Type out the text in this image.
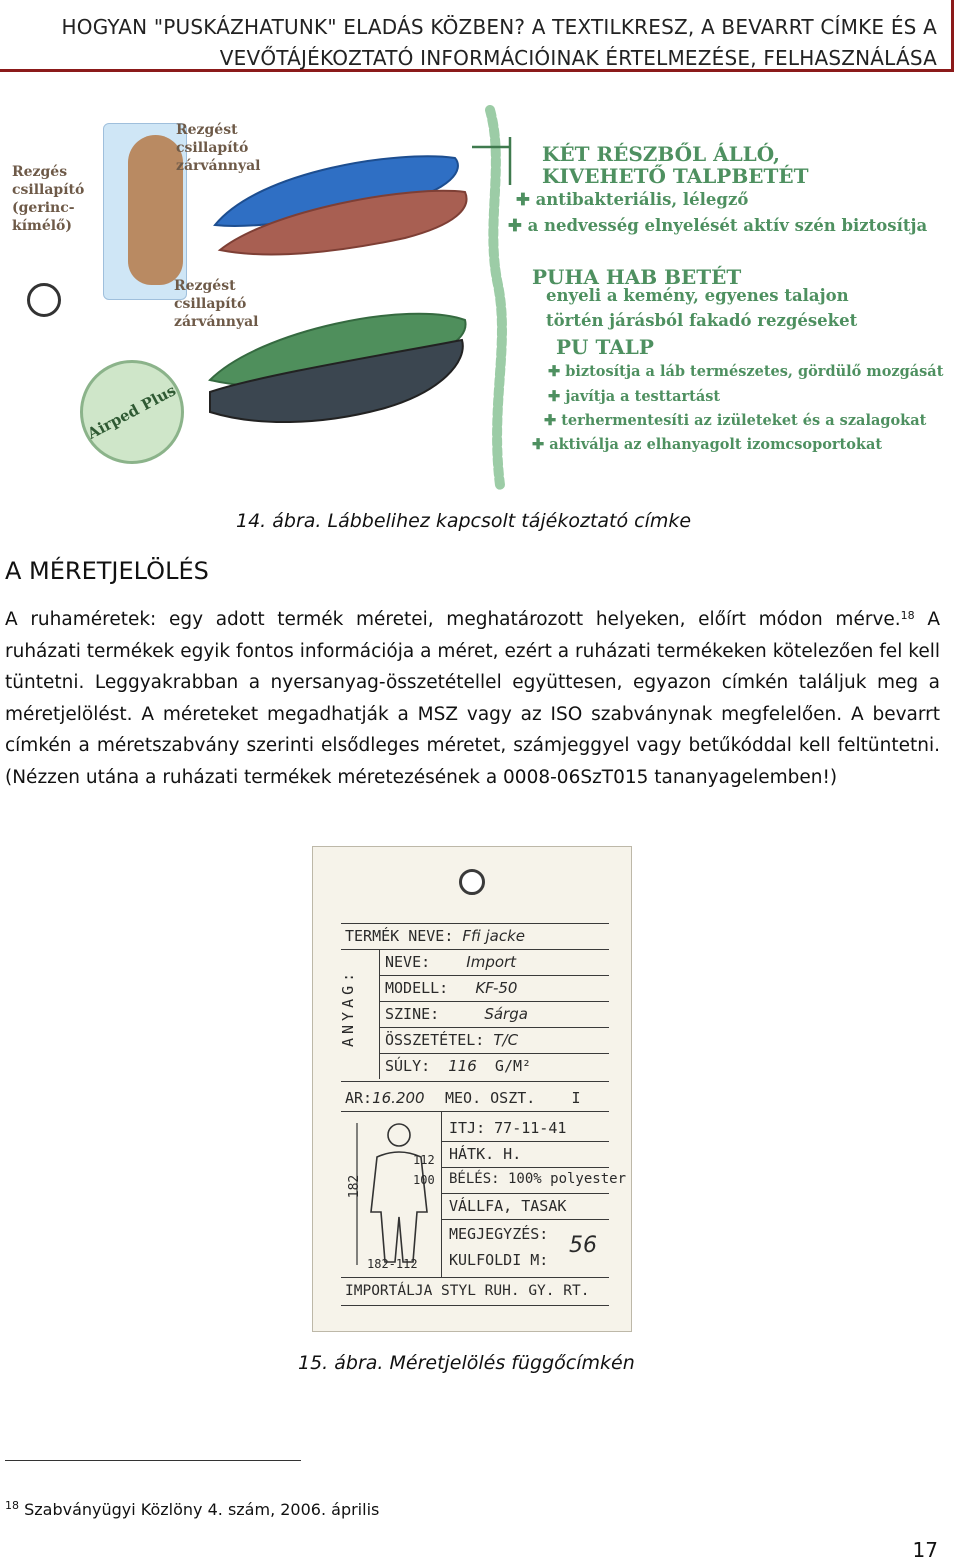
HOGYAN "PUSKÁZHATUNK" ELADÁS KÖZBEN? A TEXTILKRESZ, A BEVARRT CÍMKE ÉS A
VEVŐTÁJÉKOZTATÓ INFORMÁCIÓINAK ÉRTELMEZÉSE, FELHASZNÁLÁSA
Rezgést csillapító zárvánnyal
Rezgés csillapító (gerinc- kímélő)
Rezgést csillapító zárvánnyal
Airped Plus
KÉT RÉSZBŐL ÁLLÓ,
KIVEHETŐ TALPBETÉT
✚ antibakteriális, lélegző
✚ a nedvesség elnyelését aktív szén biztosítja
PUHA HAB BETÉT
enyeli a kemény, egyenes talajon
történ járásból fakadó rezgéseket
PU TALP
✚ biztosítja a láb természetes, gördülő mozgását
✚ javítja a testtartást
✚ terhermentesíti az izületeket és a szalagokat
✚ aktiválja az elhanyagolt izomcsoportokat
14. ábra. Lábbelihez kapcsolt tájékoztató címke
A MÉRETJELÖLÉS
A ruhaméretek: egy adott termék méretei, meghatározott helyeken, előírt módon mérve.$^{18}$ A ruházati termékek egyik fontos információja a méret, ezért a ruházati termékeken kötelezően fel kell tüntetni. Leggyakrabban a nyersanyag-összetétellel együttesen, egyazon címkén találjuk meg a méretjelölést. A méreteket megadhatják a MSZ vagy az ISO szabványnak megfelelően. A bevarrt címkén a méretszabvány szerinti elsődleges méretet, számjeggyel vagy betűkóddal kell feltüntetni. (Nézzen utána a ruházati termékek méretezésének a 0008-06SzT015 tananyagelemben!)
TERMÉK NEVE: Ffi jacke
ANYAG:
NEVE: Import
MODELL: KF-50
SZINE:	Sárga
ÖSSZETÉTEL: T/C
SÚLY: 116 G/M²
AR:16.200 MEO. OSZT. I
182
112
100
182-112
ITJ: 77-11-41
HÁTK. H.
BÉLÉS: 100% polyester
VÁLLFA, TASAK
MEGJEGYZÉS: 56
KULFOLDI M:
IMPORTÁLJA STYL RUH. GY. RT.
15. ábra. Méretjelölés függőcímkén
$^{18}$ Szabványügyi Közlöny 4. szám, 2006. április
17
